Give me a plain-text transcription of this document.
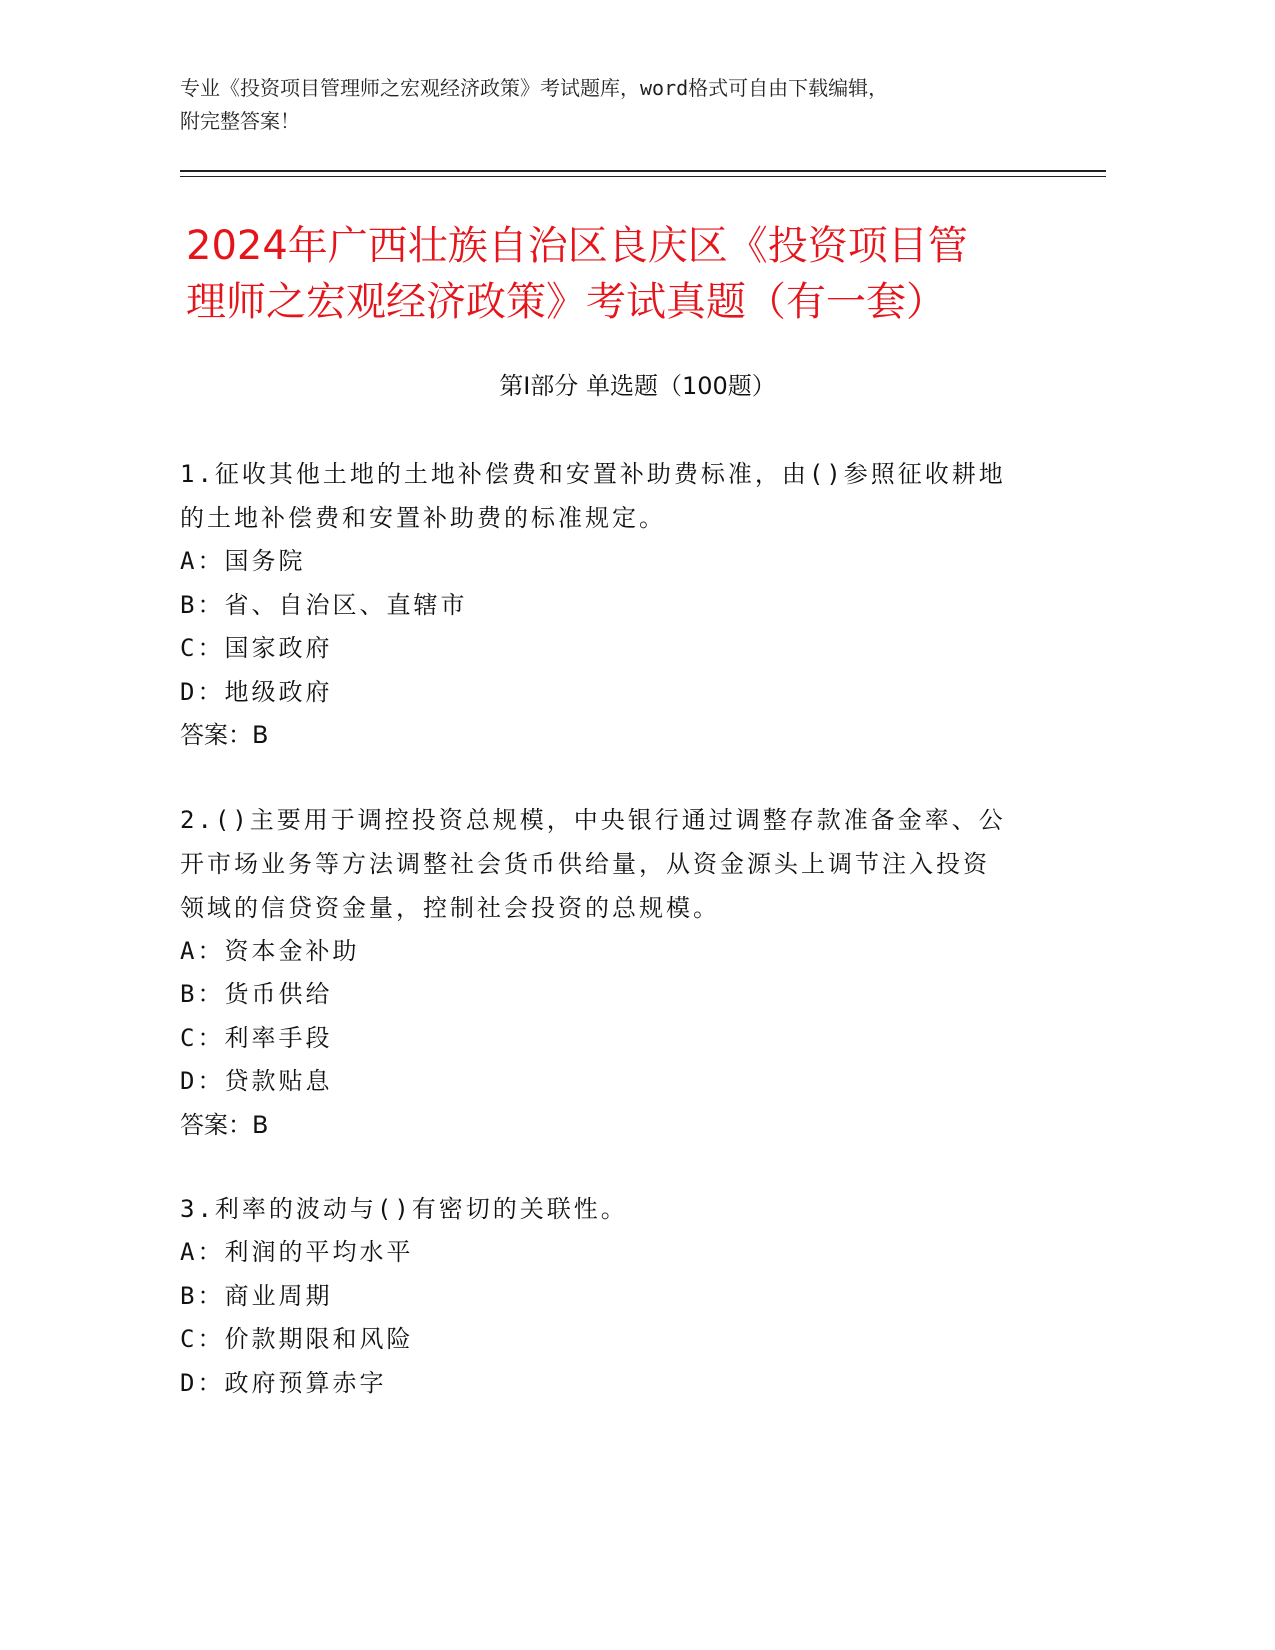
专业《投资项目管理师之宏观经济政策》考试题库，word格式可自由下载编辑，
附完整答案！
2024年广西壮族自治区良庆区《投资项目管
理师之宏观经济政策》考试真题（有一套）
第Ⅰ部分 单选题（100题）
1.征收其他土地的土地补偿费和安置补助费标准，由()参照征收耕地
的土地补偿费和安置补助费的标准规定。
A：国务院
B：省、自治区、直辖市
C：国家政府
D：地级政府
答案：B
2.()主要用于调控投资总规模，中央银行通过调整存款准备金率、公
开市场业务等方法调整社会货币供给量，从资金源头上调节注入投资
领域的信贷资金量，控制社会投资的总规模。
A：资本金补助
B：货币供给
C：利率手段
D：贷款贴息
答案：B
3.利率的波动与()有密切的关联性。
A：利润的平均水平
B：商业周期
C：价款期限和风险
D：政府预算赤字
